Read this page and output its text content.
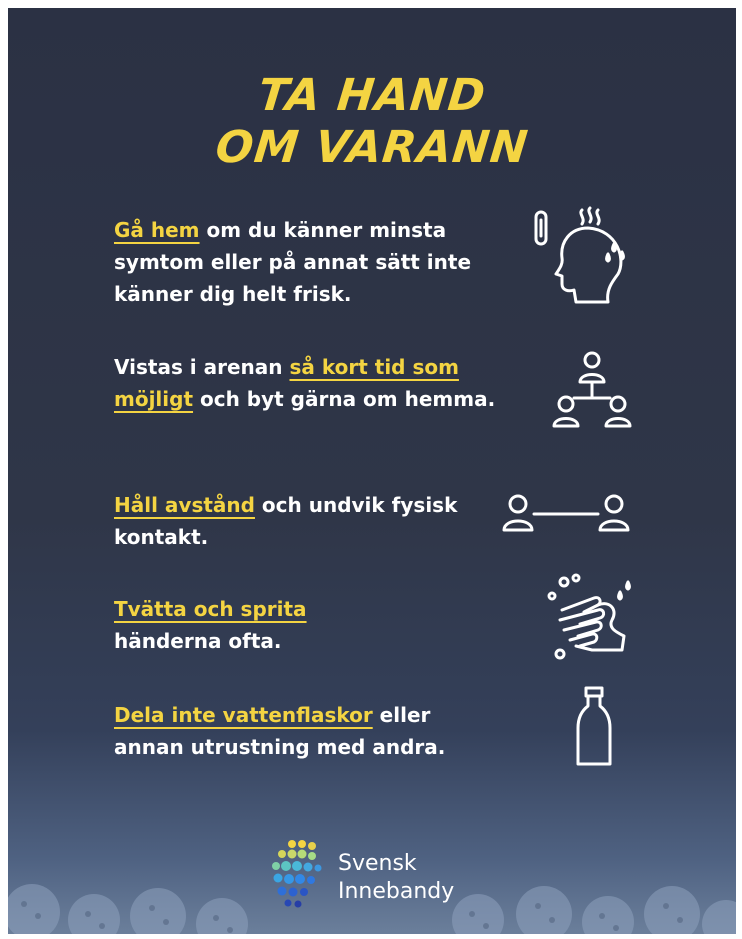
TA HAND
OM VARANN
Gå hem om du känner minsta symtom eller på annat sätt inte känner dig helt frisk.
Vistas i arenan så kort tid som möjligt och byt gärna om hemma.
Håll avstånd och undvik fysisk kontakt.
Tvätta och sprita
händerna ofta.
Dela inte vattenflaskor eller annan utrustning med andra.
Svensk
Innebandy
